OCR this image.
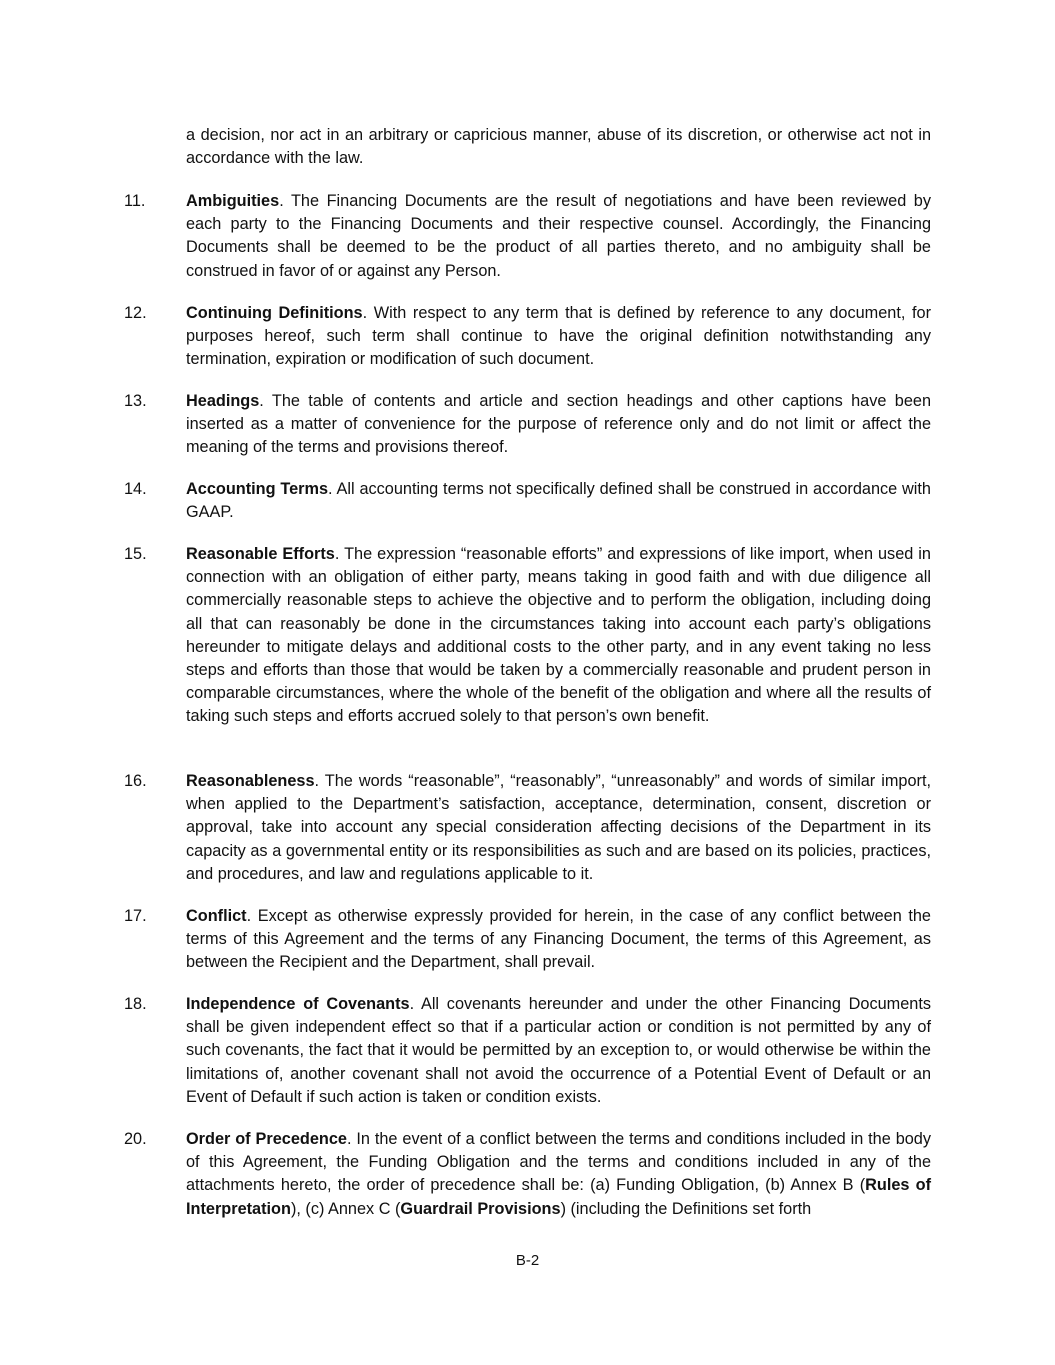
a decision, nor act in an arbitrary or capricious manner, abuse of its discretion, or otherwise act not in accordance with the law.
11.	Ambiguities. The Financing Documents are the result of negotiations and have been reviewed by each party to the Financing Documents and their respective counsel. Accordingly, the Financing Documents shall be deemed to be the product of all parties thereto, and no ambiguity shall be construed in favor of or against any Person.
12.	Continuing Definitions. With respect to any term that is defined by reference to any document, for purposes hereof, such term shall continue to have the original definition notwithstanding any termination, expiration or modification of such document.
13.	Headings. The table of contents and article and section headings and other captions have been inserted as a matter of convenience for the purpose of reference only and do not limit or affect the meaning of the terms and provisions thereof.
14.	Accounting Terms. All accounting terms not specifically defined shall be construed in accordance with GAAP.
15.	Reasonable Efforts. The expression “reasonable efforts” and expressions of like import, when used in connection with an obligation of either party, means taking in good faith and with due diligence all commercially reasonable steps to achieve the objective and to perform the obligation, including doing all that can reasonably be done in the circumstances taking into account each party’s obligations hereunder to mitigate delays and additional costs to the other party, and in any event taking no less steps and efforts than those that would be taken by a commercially reasonable and prudent person in comparable circumstances, where the whole of the benefit of the obligation and where all the results of taking such steps and efforts accrued solely to that person’s own benefit.
16.	Reasonableness. The words “reasonable”, “reasonably”, “unreasonably” and words of similar import, when applied to the Department’s satisfaction, acceptance, determination, consent, discretion or approval, take into account any special consideration affecting decisions of the Department in its capacity as a governmental entity or its responsibilities as such and are based on its policies, practices, and procedures, and law and regulations applicable to it.
17.	Conflict. Except as otherwise expressly provided for herein, in the case of any conflict between the terms of this Agreement and the terms of any Financing Document, the terms of this Agreement, as between the Recipient and the Department, shall prevail.
18.	Independence of Covenants. All covenants hereunder and under the other Financing Documents shall be given independent effect so that if a particular action or condition is not permitted by any of such covenants, the fact that it would be permitted by an exception to, or would otherwise be within the limitations of, another covenant shall not avoid the occurrence of a Potential Event of Default or an Event of Default if such action is taken or condition exists.
20.	Order of Precedence. In the event of a conflict between the terms and conditions included in the body of this Agreement, the Funding Obligation and the terms and conditions included in any of the attachments hereto, the order of precedence shall be: (a) Funding Obligation, (b) Annex B (Rules of Interpretation), (c) Annex C (Guardrail Provisions) (including the Definitions set forth
B-2
